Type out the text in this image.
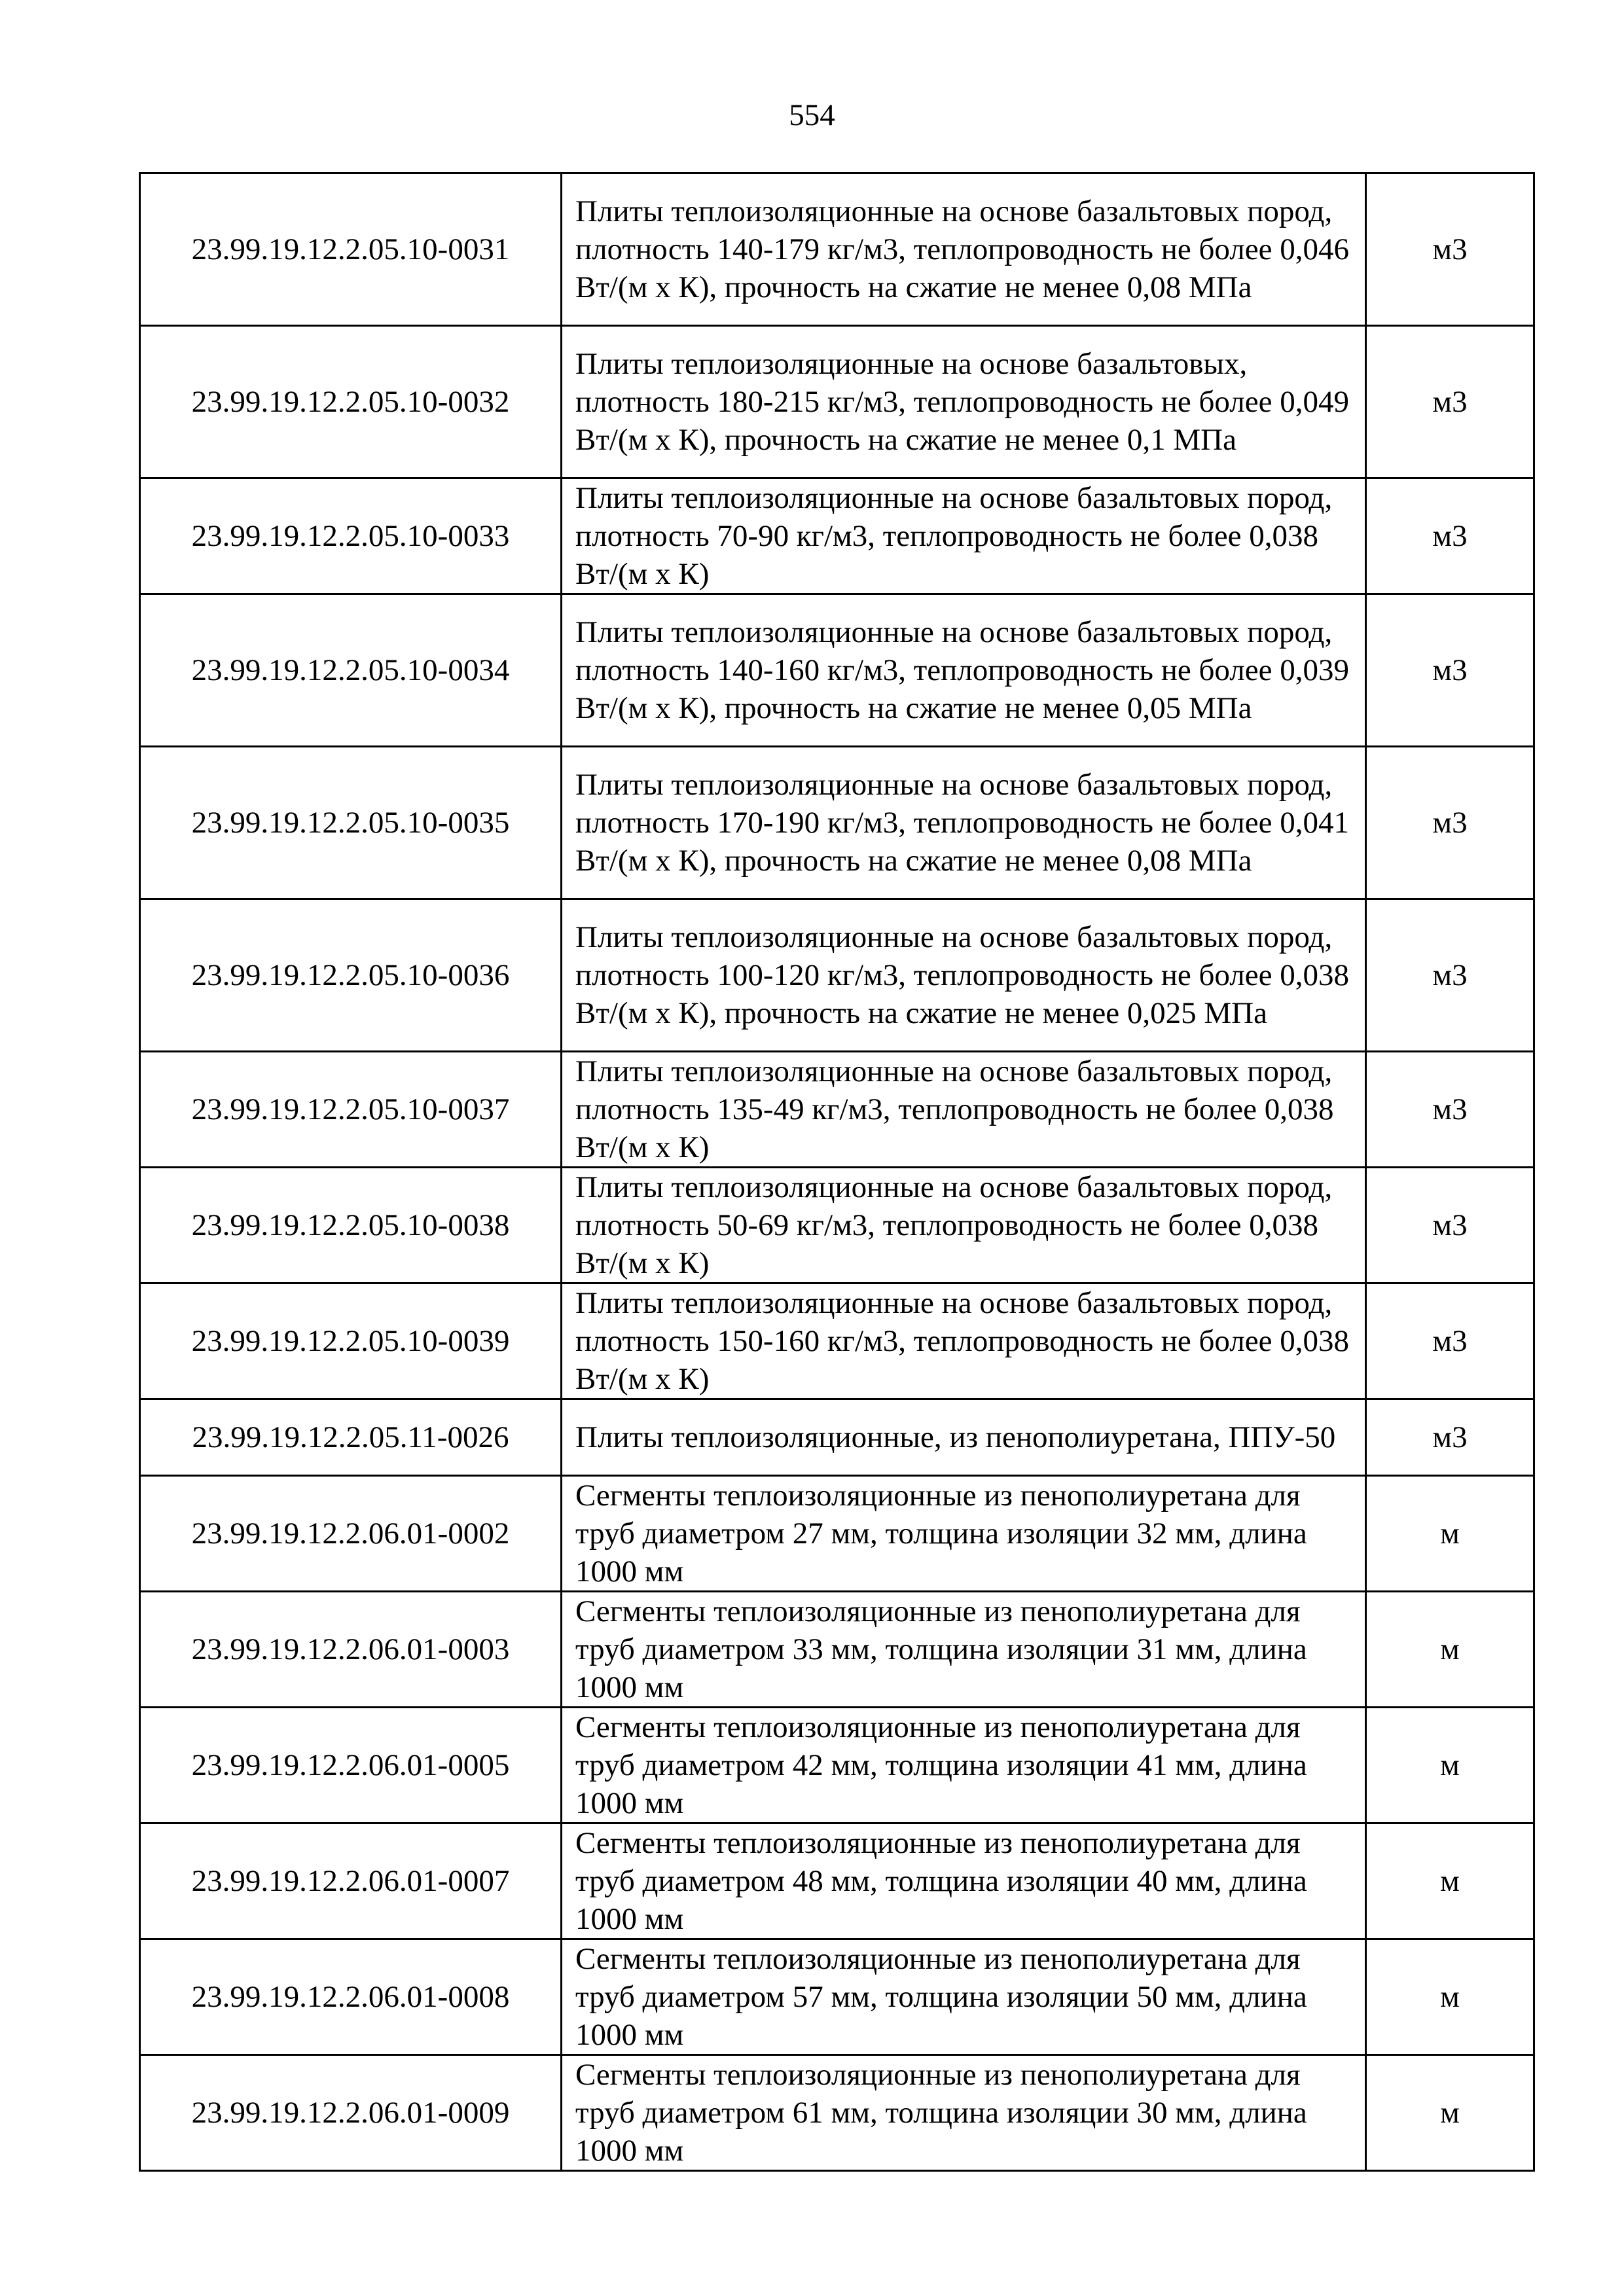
554
23.99.19.12.2.05.10-0031	Плиты теплоизоляционные на основе базальтовых пород, плотность 140-179 кг/м3, теплопроводность не более 0,046 Вт/(м х К), прочность на сжатие не менее 0,08 МПа	м3
23.99.19.12.2.05.10-0032	Плиты теплоизоляционные на основе базальтовых, плотность 180-215 кг/м3, теплопроводность не более 0,049 Вт/(м х К), прочность на сжатие не менее 0,1 МПа	м3
23.99.19.12.2.05.10-0033	Плиты теплоизоляционные на основе базальтовых пород, плотность 70-90 кг/м3, теплопроводность не более 0,038 Вт/(м х К)	м3
23.99.19.12.2.05.10-0034	Плиты теплоизоляционные на основе базальтовых пород, плотность 140-160 кг/м3, теплопроводность не более 0,039 Вт/(м х К), прочность на сжатие не менее 0,05 МПа	м3
23.99.19.12.2.05.10-0035	Плиты теплоизоляционные на основе базальтовых пород, плотность 170-190 кг/м3, теплопроводность не более 0,041 Вт/(м х К), прочность на сжатие не менее 0,08 МПа	м3
23.99.19.12.2.05.10-0036	Плиты теплоизоляционные на основе базальтовых пород, плотность 100-120 кг/м3, теплопроводность не более 0,038 Вт/(м х К), прочность на сжатие не менее 0,025 МПа	м3
23.99.19.12.2.05.10-0037	Плиты теплоизоляционные на основе базальтовых пород, плотность 135-49 кг/м3, теплопроводность не более 0,038 Вт/(м х К)	м3
23.99.19.12.2.05.10-0038	Плиты теплоизоляционные на основе базальтовых пород, плотность 50-69 кг/м3, теплопроводность не более 0,038 Вт/(м х К)	м3
23.99.19.12.2.05.10-0039	Плиты теплоизоляционные на основе базальтовых пород, плотность 150-160 кг/м3, теплопроводность не более 0,038 Вт/(м х К)	м3
23.99.19.12.2.05.11-0026	Плиты теплоизоляционные, из пенополиуретана, ППУ-50	м3
23.99.19.12.2.06.01-0002	Сегменты теплоизоляционные из пенополиуретана для труб диаметром 27 мм, толщина изоляции 32 мм, длина 1000 мм	м
23.99.19.12.2.06.01-0003	Сегменты теплоизоляционные из пенополиуретана для труб диаметром 33 мм, толщина изоляции 31 мм, длина 1000 мм	м
23.99.19.12.2.06.01-0005	Сегменты теплоизоляционные из пенополиуретана для труб диаметром 42 мм, толщина изоляции 41 мм, длина 1000 мм	м
23.99.19.12.2.06.01-0007	Сегменты теплоизоляционные из пенополиуретана для труб диаметром 48 мм, толщина изоляции 40 мм, длина 1000 мм	м
23.99.19.12.2.06.01-0008	Сегменты теплоизоляционные из пенополиуретана для труб диаметром 57 мм, толщина изоляции 50 мм, длина 1000 мм	м
23.99.19.12.2.06.01-0009	Сегменты теплоизоляционные из пенополиуретана для труб диаметром 61 мм, толщина изоляции 30 мм, длина 1000 мм	м
